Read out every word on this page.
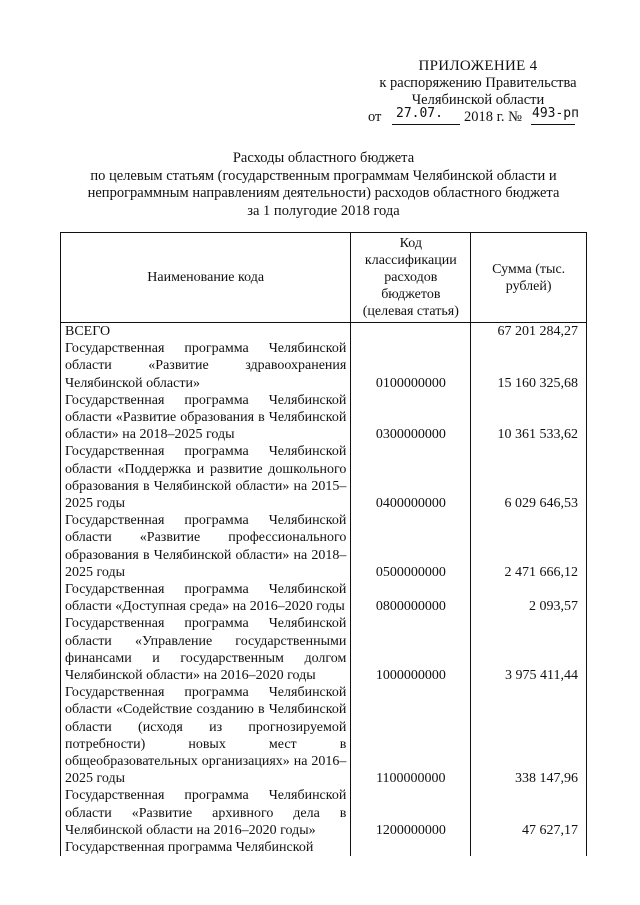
ПРИЛОЖЕНИЕ 4
к распоряжению Правительства
Челябинской области
от 27.07. 2018 г. № 493-рп
Расходы областного бюджета
по целевым статьям (государственным программам Челябинской области и
непрограммным направлениям деятельности) расходов областного бюджета
за 1 полугодие 2018 года
Наименование кода	Код классификации расходов бюджетов (целевая статья)	Сумма (тыс. рублей)
ВСЕГО		67 201 284,27
Государственная программа Челябинской области «Развитие здравоохранения Челябинской области»	0100000000	15 160 325,68
Государственная программа Челябинской области «Развитие образования в Челябинской области» на 2018–2025 годы	0300000000	10 361 533,62
Государственная программа Челябинской области «Поддержка и развитие дошкольного образования в Челябинской области» на 2015–2025 годы	0400000000	6 029 646,53
Государственная программа Челябинской области «Развитие профессионального образования в Челябинской области» на 2018–2025 годы	0500000000	2 471 666,12
Государственная программа Челябинской области «Доступная среда» на 2016–2020 годы	0800000000	2 093,57
Государственная программа Челябинской области «Управление государственными финансами и государственным долгом Челябинской области» на 2016–2020 годы	1000000000	3 975 411,44
Государственная программа Челябинской области «Содействие созданию в Челябинской области (исходя из прогнозируемой потребности) новых мест в общеобразовательных организациях» на 2016–2025 годы	1100000000	338 147,96
Государственная программа Челябинской области «Развитие архивного дела в Челябинской области на 2016–2020 годы»	1200000000	47 627,17
Государственная программа Челябинской		
